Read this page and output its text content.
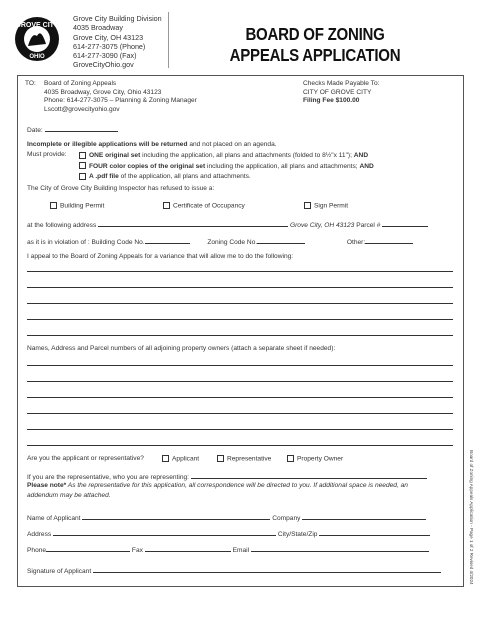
GROVE CITY
OHIO
Grove City Building Division
4035 Broadway
Grove City, OH 43123
614-277-3075 (Phone)
614-277-3090 (Fax)
GroveCityOhio.gov
BOARD OF ZONING
APPEALS APPLICATION
TO: Board of Zoning Appeals
4035 Broadway, Grove City, Ohio 43123
Phone: 614-277-3075 – Planning & Zoning Manager
Lscott@grovecityohio.gov
Checks Made Payable To:
CITY OF GROVE CITY
Filing Fee $100.00
Date:
Incomplete or illegible applications will be returned and not placed on an agenda.
Must provide:	ONE original set including the application, all plans and attachments (folded to 8½"x 11"); AND
FOUR color copies of the original set including the application, all plans and attachments; AND
A .pdf file of the application, all plans and attachments.
The City of Grove City Building Inspector has refused to issue a:
Building Permit	Certificate of Occupancy	Sign Permit
at the following address	Grove City, OH 43123 Parcel #
as it is in violation of : Building Code No.	Zoning Code No.	Other:
I appeal to the Board of Zoning Appeals for a variance that will allow me to do the following:
Names, Address and Parcel numbers of all adjoining property owners (attach a separate sheet if needed):
Are you the applicant or representative?	Applicant	Representative	Property Owner
If you are the representative, who you are representing:
Please note* As the representative for this application, all correspondence will be directed to you. If additional space is needed, an
addendum may be attached.
Name of Applicant	Company
Address	City/State/Zip
Phone	Fax	Email
Signature of Applicant	Board of Zoning Appeals Application - Page 1 of 2 Revised 4/2024
